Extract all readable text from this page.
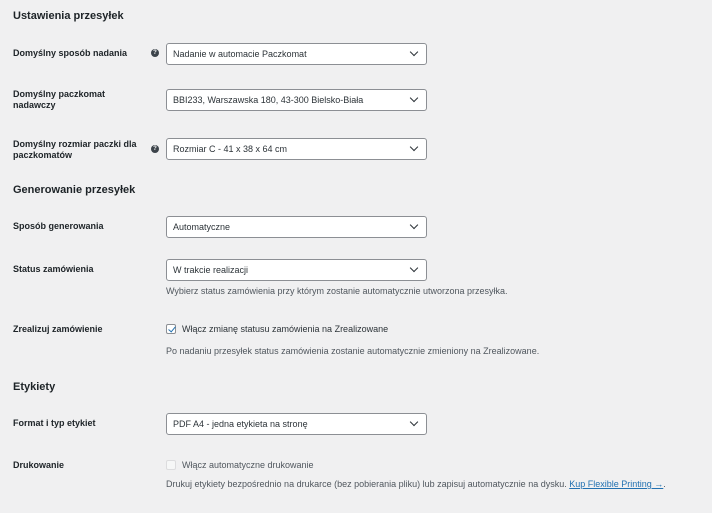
Ustawienia przesyłek
Domyślny sposób nadania	?	Nadanie w automacie Paczkomat
Domyślny paczkomat
nadawczy	BBI233, Warszawska 180, 43-300 Bielsko-Biała
Domyślny rozmiar paczki dla
paczkomatów
?	Rozmiar C - 41 x 38 x 64 cm
Generowanie przesyłek
Sposób generowania	Automatyczne
Status zamówienia	W trakcie realizacji
Wybierz status zamówienia przy którym zostanie automatycznie utworzona przesyłka.
Zrealizuj zamówienie	Włącz zmianę statusu zamówienia na Zrealizowane
Po nadaniu przesyłek status zamówienia zostanie automatycznie zmieniony na Zrealizowane.
Etykiety
Format i typ etykiet	PDF A4 - jedna etykieta na stronę
Drukowanie	Włącz automatyczne drukowanie
Drukuj etykiety bezpośrednio na drukarce (bez pobierania pliku) lub zapisuj automatycznie na dysku. Kup Flexible Printing →.
